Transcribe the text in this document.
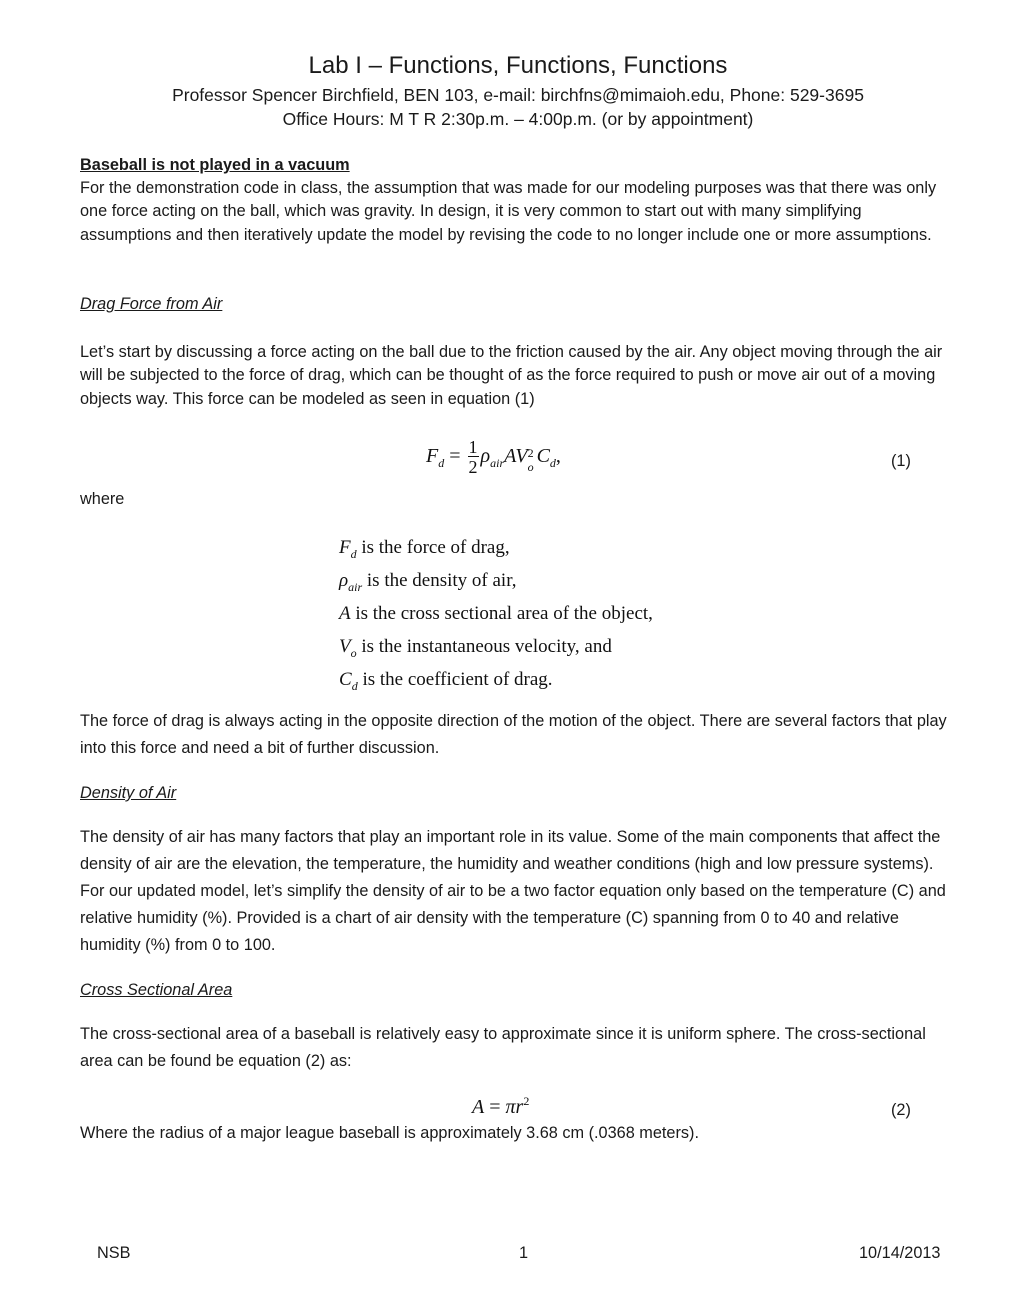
Lab I – Functions, Functions, Functions
Professor Spencer Birchfield, BEN 103, e-mail: birchfns@mimaioh.edu, Phone: 529-3695
Office Hours: M T R 2:30p.m. – 4:00p.m. (or by appointment)
Baseball is not played in a vacuum
For the demonstration code in class, the assumption that was made for our modeling purposes was that there was only one force acting on the ball, which was gravity. In design, it is very common to start out with many simplifying assumptions and then iteratively update the model by revising the code to no longer include one or more assumptions.
Drag Force from Air
Let’s start by discussing a force acting on the ball due to the friction caused by the air. Any object moving through the air will be subjected to the force of drag, which can be thought of as the force required to push or move air out of a moving objects way. This force can be modeled as seen in equation (1)
$F_d = \frac{1}{2} \rho_{air}AV$ 2
o $C_d$,	(1)
where
$F_d$ is the force of drag,
$\rho_{air}$ is the density of air,
A is the cross sectional area of the object,
$V_o$ is the instantaneous velocity, and
$C_d$ is the coefficient of drag.
The force of drag is always acting in the opposite direction of the motion of the object. There are several factors that play into this force and need a bit of further discussion.
Density of Air
The density of air has many factors that play an important role in its value. Some of the main components that affect the density of air are the elevation, the temperature, the humidity and weather conditions (high and low pressure systems). For our updated model, let’s simplify the density of air to be a two factor equation only based on the temperature (C) and relative humidity (%). Provided is a chart of air density with the temperature (C) spanning from 0 to 40 and relative humidity (%) from 0 to 100.
Cross Sectional Area
The cross-sectional area of a baseball is relatively easy to approximate since it is uniform sphere. The cross-sectional area can be found be equation (2) as:
$A = \pi r^2$	(2)
Where the radius of a major league baseball is approximately 3.68 cm (.0368 meters).
NSB	1	10/14/2013
